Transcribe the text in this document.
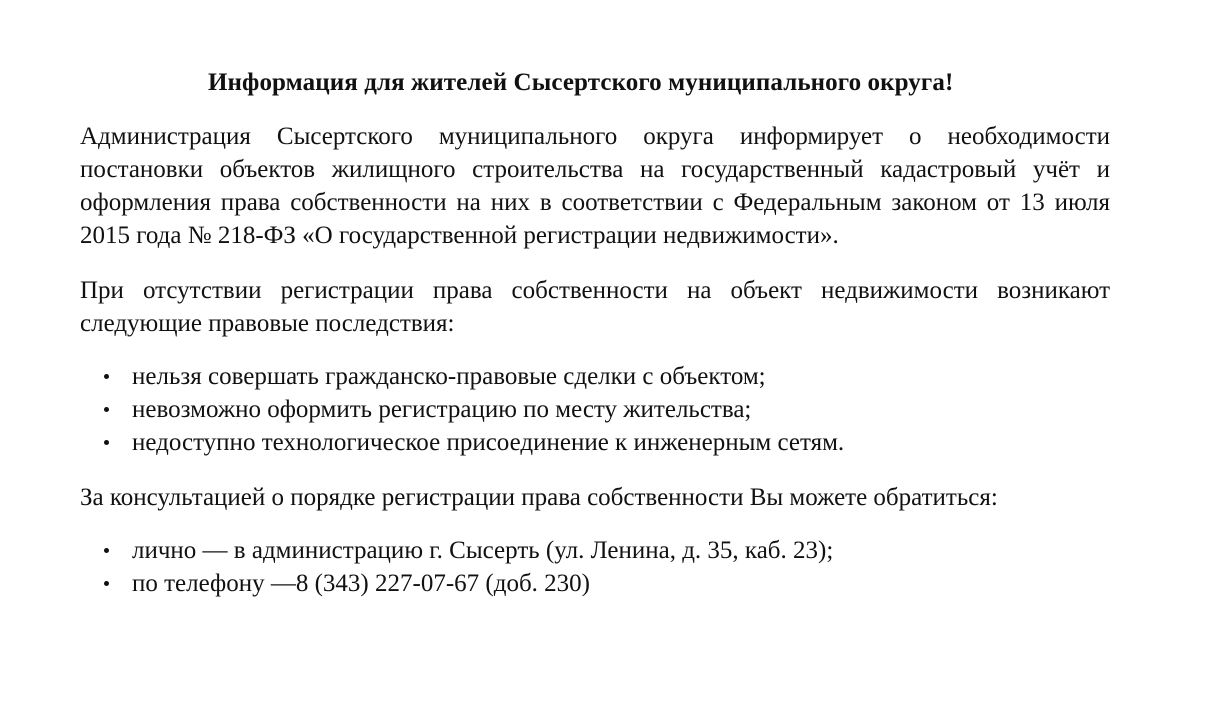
Информация для жителей Сысертского муниципального округа!

Администрация Сысертского муниципального округа информирует о необходимости постановки объектов жилищного строительства на государственный кадастровый учёт и оформления права собственности на них в соответствии с Федеральным законом от 13 июля 2015 года № 218-ФЗ «О государственной регистрации недвижимости».

При отсутствии регистрации права собственности на объект недвижимости возникают следующие правовые последствия:

нельзя совершать гражданско-правовые сделки с объектом;
невозможно оформить регистрацию по месту жительства;
недоступно технологическое присоединение к инженерным сетям.

За консультацией о порядке регистрации права собственности Вы можете обратиться:

лично — в администрацию г. Сысерть (ул. Ленина, д. 35, каб. 23);
по телефону —8 (343) 227-07-67 (доб. 230)
